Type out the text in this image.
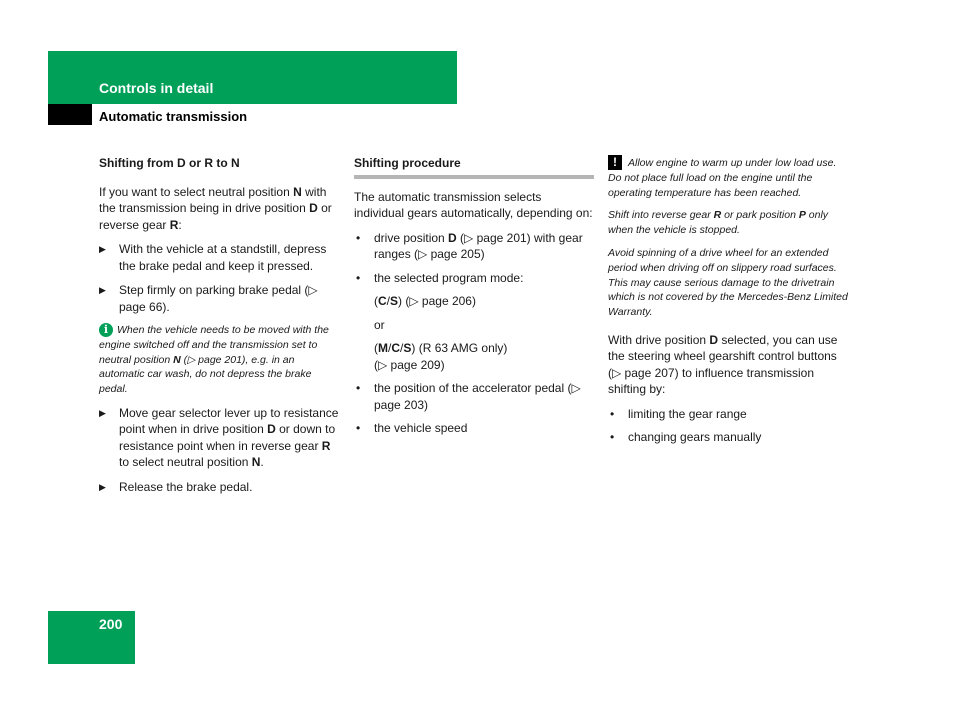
Controls in detail
Automatic transmission
Shifting from D or R to N

If you want to select neutral position N with the transmission being in drive position D or reverse gear R:

▶ With the vehicle at a standstill, depress the brake pedal and keep it pressed.
▶ Step firmly on parking brake pedal (▷ page 66).
i When the vehicle needs to be moved with the engine switched off and the transmission set to neutral position N (▷ page 201), e.g. in an automatic car wash, do not depress the brake pedal.
▶ Move gear selector lever up to resistance point when in drive position D or down to resistance point when in reverse gear R to select neutral position N.
▶ Release the brake pedal.
Shifting procedure

The automatic transmission selects individual gears automatically, depending on:

• drive position D (▷ page 201) with gear ranges (▷ page 205)
• the selected program mode:
(C/S) (▷ page 206)
or
(M/C/S) (R 63 AMG only)
(▷ page 209)
• the position of the accelerator pedal (▷ page 203)
• the vehicle speed
! Allow engine to warm up under low load use. Do not place full load on the engine until the operating temperature has been reached.
Shift into reverse gear R or park position P only when the vehicle is stopped.
Avoid spinning of a drive wheel for an extended period when driving off on slippery road surfaces. This may cause serious damage to the drivetrain which is not covered by the Mercedes-Benz Limited Warranty.

With drive position D selected, you can use the steering wheel gearshift control buttons (▷ page 207) to influence transmission shifting by:

• limiting the gear range
• changing gears manually
200
